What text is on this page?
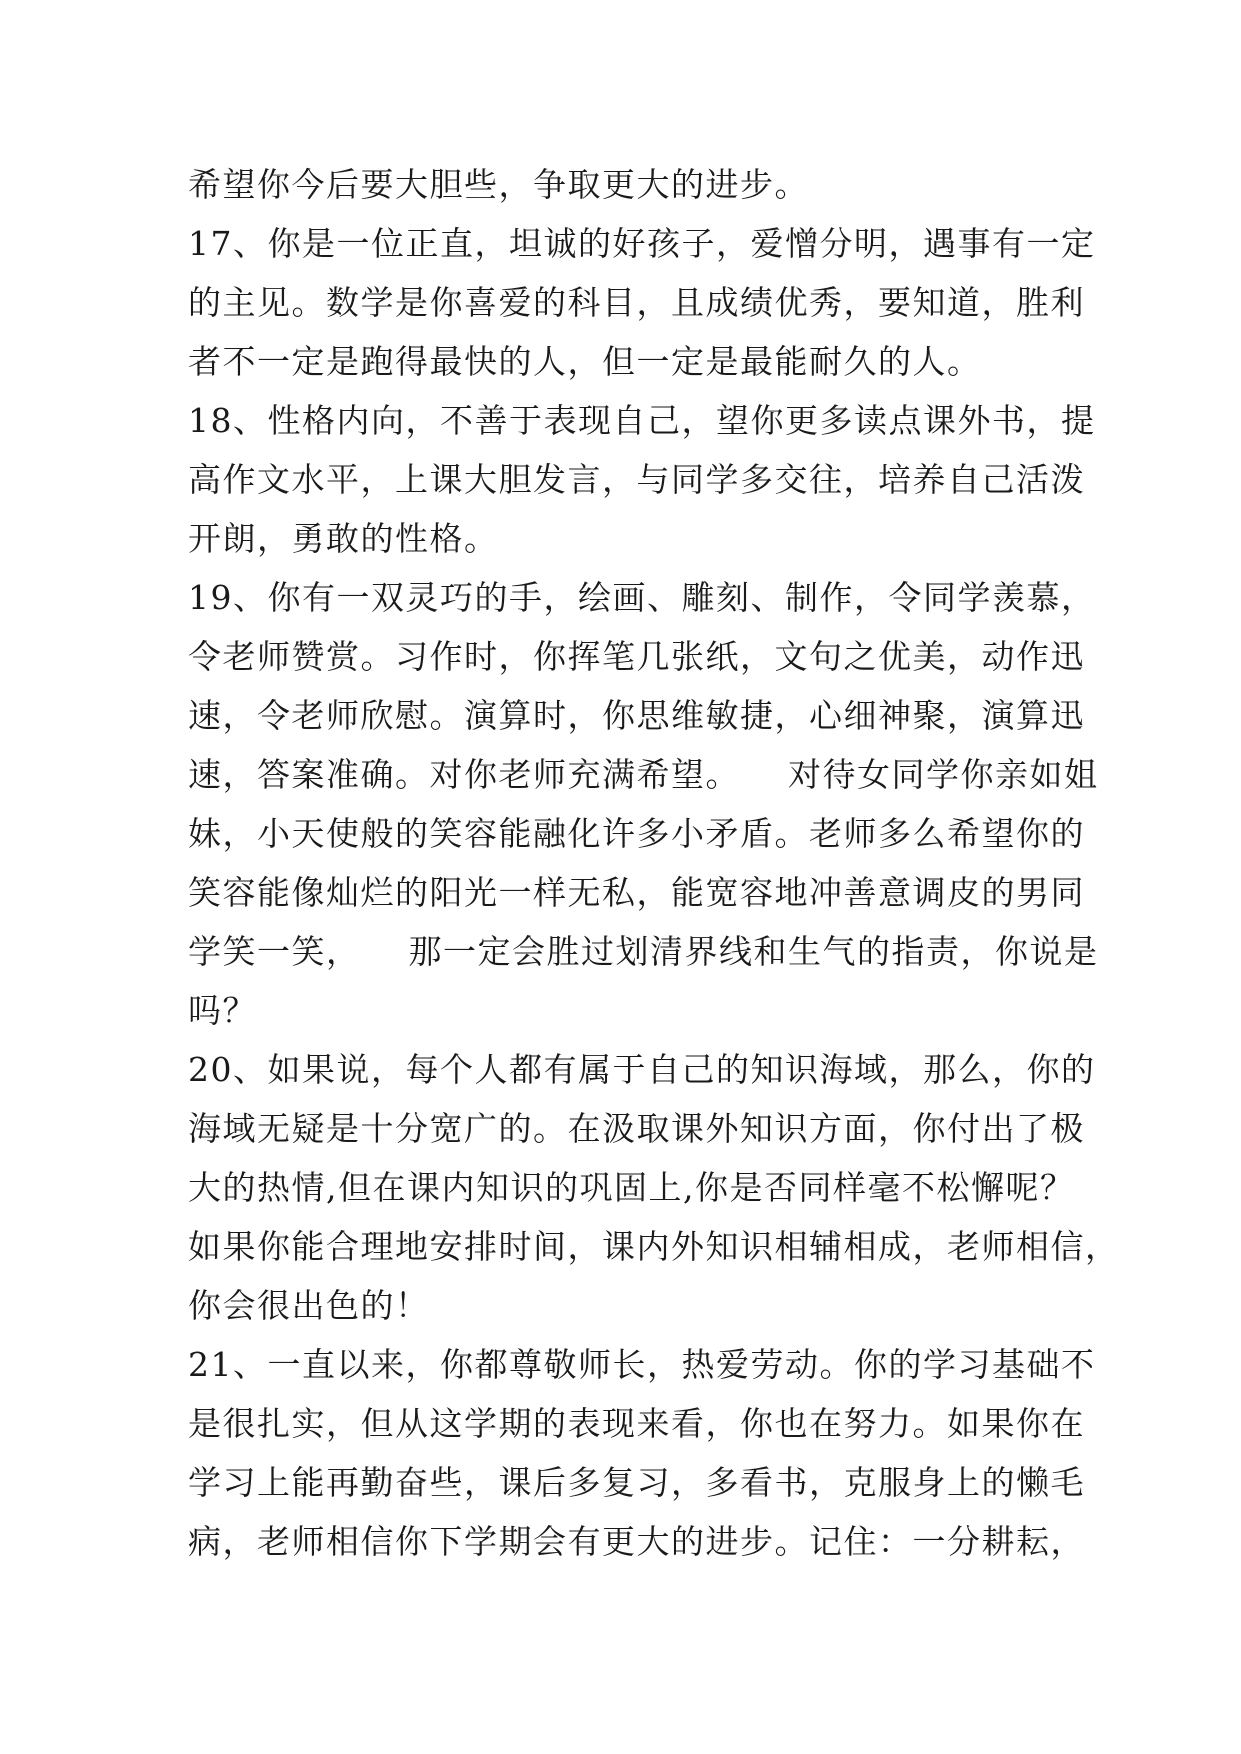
希望你今后要大胆些，争取更大的进步。
17、你是一位正直，坦诚的好孩子，爱憎分明，遇事有一定
的主见。数学是你喜爱的科目，且成绩优秀，要知道，胜利
者不一定是跑得最快的人，但一定是最能耐久的人。
18、性格内向，不善于表现自己，望你更多读点课外书，提
高作文水平，上课大胆发言，与同学多交往，培养自己活泼
开朗，勇敢的性格。
19、你有一双灵巧的手，绘画、雕刻、制作，令同学羡慕，
令老师赞赏。习作时，你挥笔几张纸，文句之优美，动作迅
速，令老师欣慰。演算时，你思维敏捷，心细神聚，演算迅
速，答案准确。对你老师充满希望。    对待女同学你亲如姐
妹，小天使般的笑容能融化许多小矛盾。老师多么希望你的
笑容能像灿烂的阳光一样无私，能宽容地冲善意调皮的男同
学笑一笑，    那一定会胜过划清界线和生气的指责，你说是
吗？
20、如果说，每个人都有属于自己的知识海域，那么，你的
海域无疑是十分宽广的。在汲取课外知识方面，你付出了极
大的热情,但在课内知识的巩固上,你是否同样毫不松懈呢？
如果你能合理地安排时间，课内外知识相辅相成，老师相信，
你会很出色的！
21、一直以来，你都尊敬师长，热爱劳动。你的学习基础不
是很扎实，但从这学期的表现来看，你也在努力。如果你在
学习上能再勤奋些，课后多复习，多看书，克服身上的懒毛
病，老师相信你下学期会有更大的进步。记住：一分耕耘，
